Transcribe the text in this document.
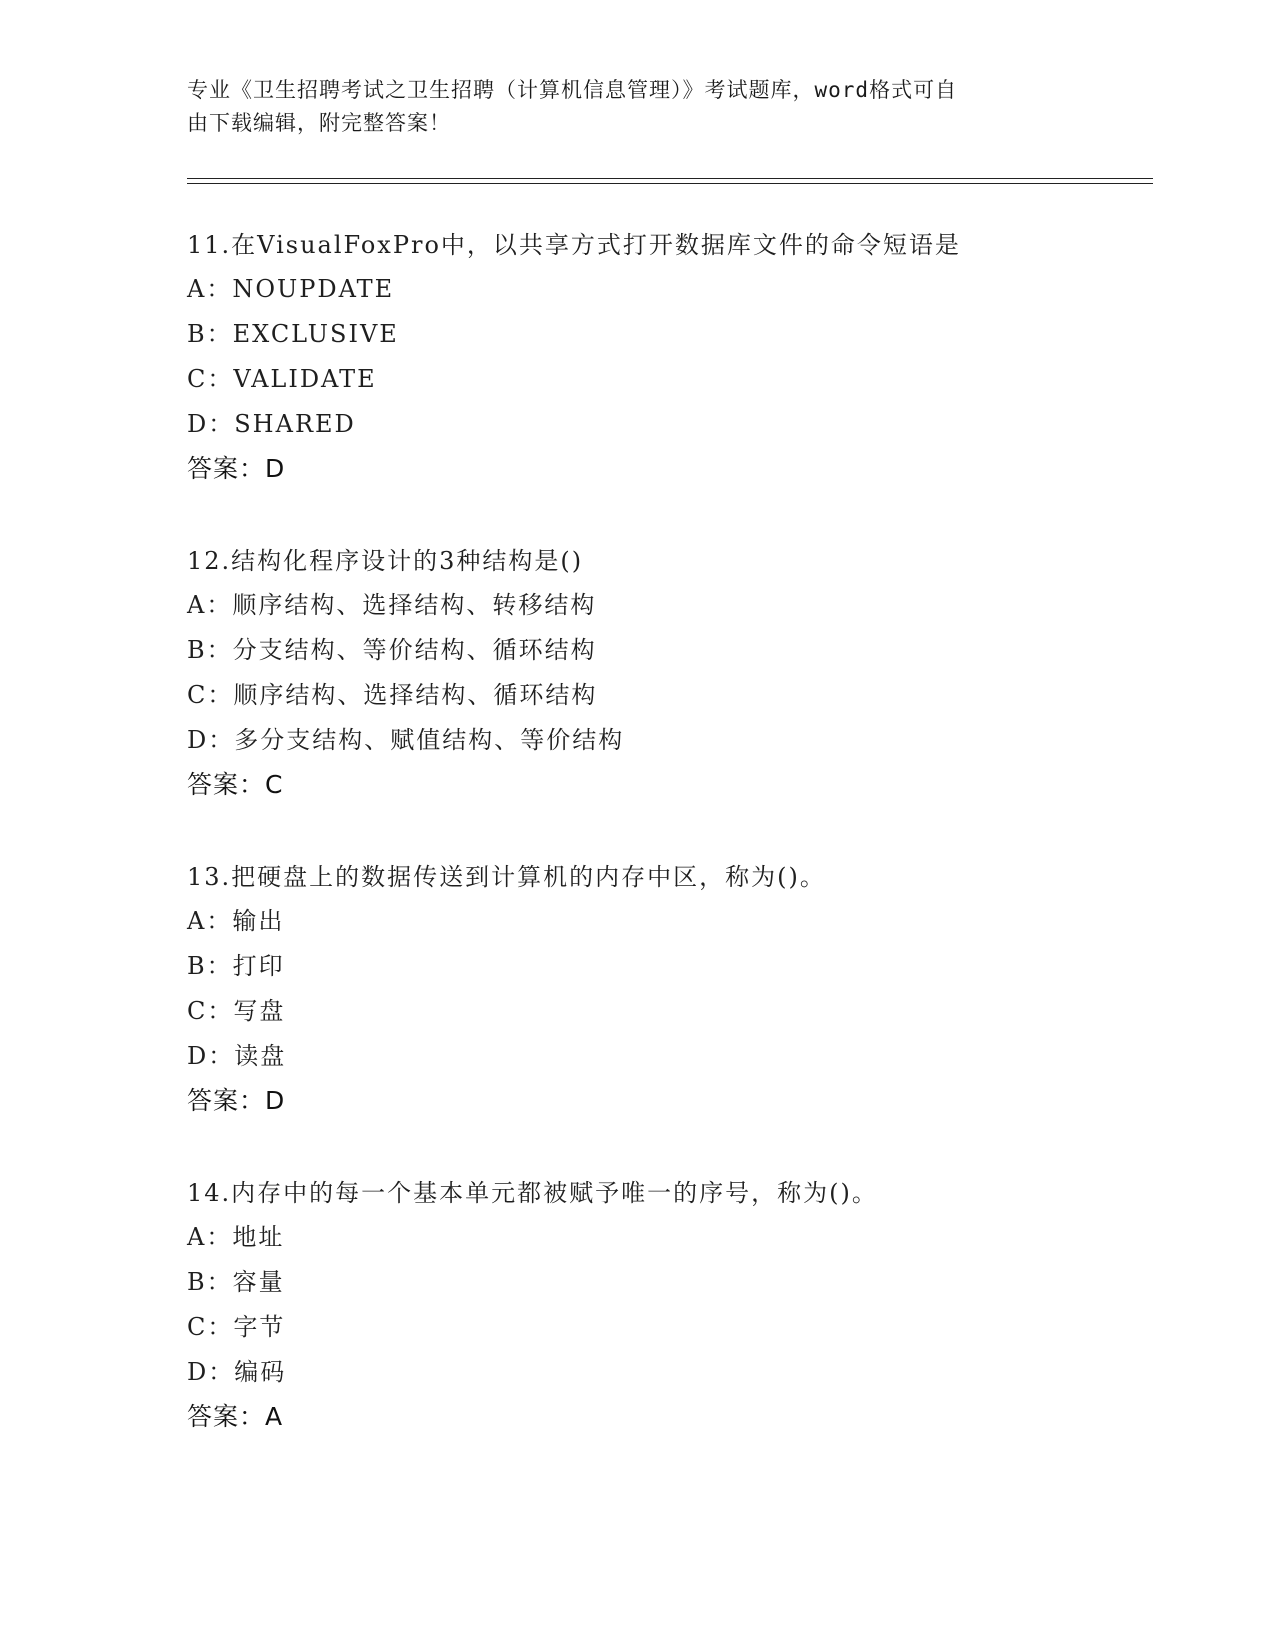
专业《卫生招聘考试之卫生招聘（计算机信息管理）》考试题库，word格式可自
由下载编辑，附完整答案！
11.在VisualFoxPro中，以共享方式打开数据库文件的命令短语是
A：NOUPDATE
B：EXCLUSIVE
C：VALIDATE
D：SHARED
答案：D
12.结构化程序设计的3种结构是()
A：顺序结构、选择结构、转移结构
B：分支结构、等价结构、循环结构
C：顺序结构、选择结构、循环结构
D：多分支结构、赋值结构、等价结构
答案：C
13.把硬盘上的数据传送到计算机的内存中区，称为()。
A：输出
B：打印
C：写盘
D：读盘
答案：D
14.内存中的每一个基本单元都被赋予唯一的序号，称为()。
A：地址
B：容量
C：字节
D：编码
答案：A
